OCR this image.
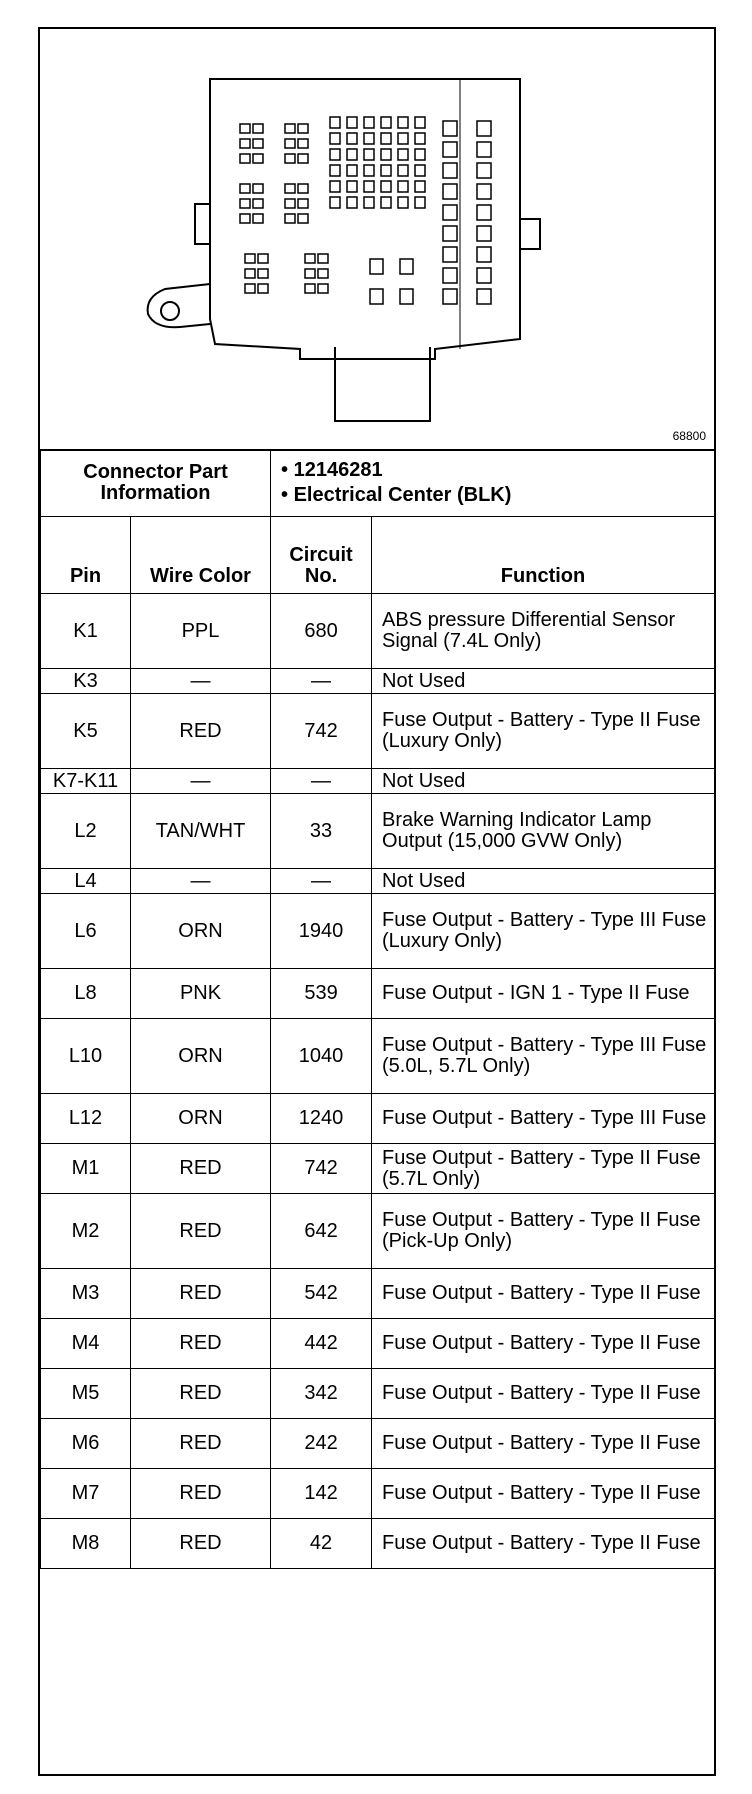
68800
Connector Part Information		• 12146281
• Electrical Center (BLK)	

Pin	Wire Color	Circuit No.	Function
K1	PPL	680	ABS pressure Differential Sensor Signal (7.4L Only)
K3	—	—	Not Used
K5	RED	742	Fuse Output - Battery - Type II Fuse (Luxury Only)
K7-K11	—	—	Not Used
L2	TAN/WHT	33	Brake Warning Indicator Lamp Output (15,000 GVW Only)
L4	—	—	Not Used
L6	ORN	1940	Fuse Output - Battery - Type III Fuse (Luxury Only)
L8	PNK	539	Fuse Output - IGN 1 - Type II Fuse
L10	ORN	1040	Fuse Output - Battery - Type III Fuse (5.0L, 5.7L Only)
L12	ORN	1240	Fuse Output - Battery - Type III Fuse
M1	RED	742	Fuse Output - Battery - Type II Fuse (5.7L Only)
M2	RED	642	Fuse Output - Battery - Type II Fuse (Pick-Up Only)
M3	RED	542	Fuse Output - Battery - Type II Fuse
M4	RED	442	Fuse Output - Battery - Type II Fuse
M5	RED	342	Fuse Output - Battery - Type II Fuse
M6	RED	242	Fuse Output - Battery - Type II Fuse
M7	RED	142	Fuse Output - Battery - Type II Fuse
M8	RED	42	Fuse Output - Battery - Type II Fuse
